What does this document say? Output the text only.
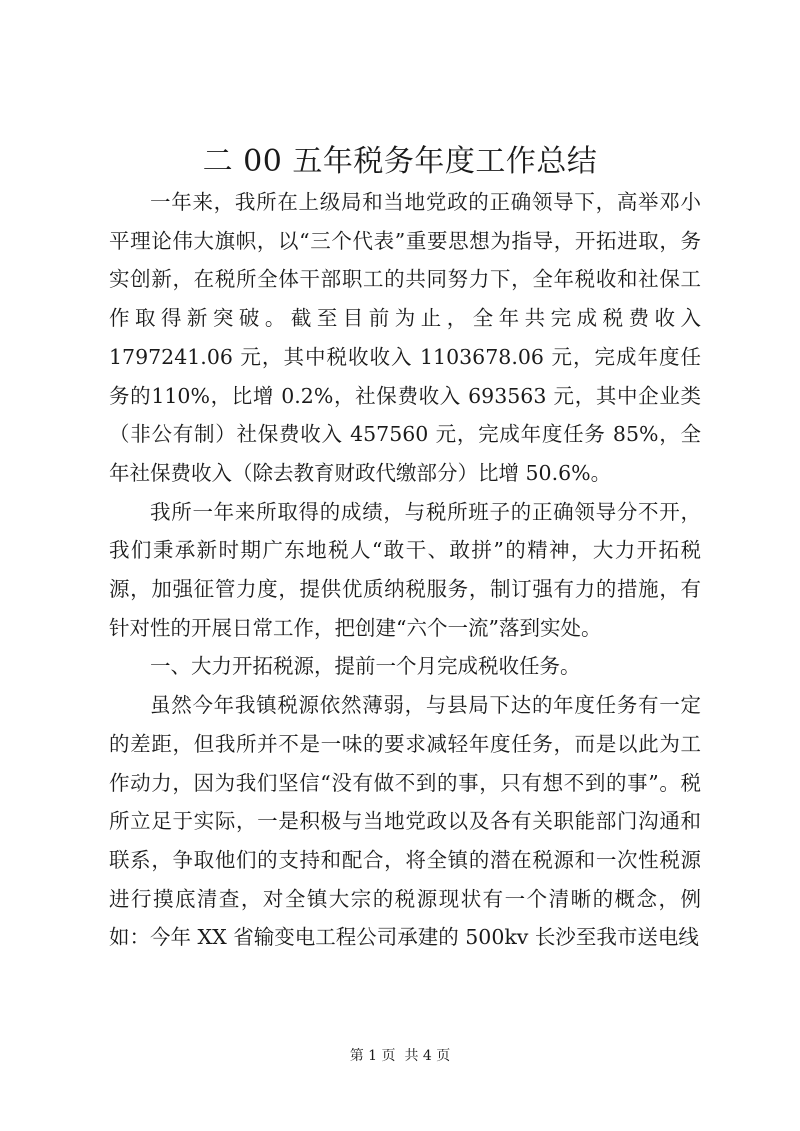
二 00 五年税务年度工作总结

一年来，我所在上级局和当地党政的正确领导下，高举邓小平理论伟大旗帜，以“三个代表”重要思想为指导，开拓进取，务实创新，在税所全体干部职工的共同努力下，全年税收和社保工作取得新突破。截至目前为止，全年共完成税费收入1797241.06 元，其中税收收入 1103678.06 元，完成年度任务的110%，比增 0.2%，社保费收入 693563 元，其中企业类（非公有制）社保费收入 457560 元，完成年度任务 85%，全年社保费收入（除去教育财政代缴部分）比增 50.6%。

我所一年来所取得的成绩，与税所班子的正确领导分不开，我们秉承新时期广东地税人“敢干、敢拼”的精神，大力开拓税源，加强征管力度，提供优质纳税服务，制订强有力的措施，有针对性的开展日常工作，把创建“六个一流”落到实处。

一、大力开拓税源，提前一个月完成税收任务。

虽然今年我镇税源依然薄弱，与县局下达的年度任务有一定的差距，但我所并不是一味的要求减轻年度任务，而是以此为工作动力，因为我们坚信“没有做不到的事，只有想不到的事”。税所立足于实际，一是积极与当地党政以及各有关职能部门沟通和联系，争取他们的支持和配合，将全镇的潜在税源和一次性税源进行摸底清查，对全镇大宗的税源现状有一个清晰的概念，例如：今年 XX 省输变电工程公司承建的 500kv 长沙至我市送电线

第 1 页  共 4 页
